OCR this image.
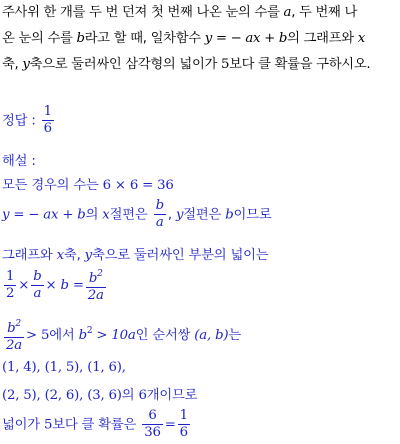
주사위 한 개를 두 번 던져 첫 번째 나온 눈의 수를 a, 두 번째 나
온 눈의 수를 b라고 할 때, 일차함수 y = − ax + b의 그래프와 x
축, y축으로 둘러싸인 삼각형의 넓이가 5보다 클 확률을 구하시오.
정답 : $\frac{1}{6}$
해설 :
모든 경우의 수는 6 × 6 = 36
y = − ax + b의 x절편은 $\frac{b}{a}$ , y절편은 b이므로
그래프와 x축, y축으로 둘러싸인 부분의 넓이는
$\frac{1}{2} \times \frac{b}{a} \times b = \frac{b^2}{2a}$
$\frac{b^2}{2a} > 5$에서 $b^2 > 10a$인 순서쌍 (a, b)는
(1, 4), (1, 5), (1, 6),
(2, 5), (2, 6), (3, 6)의 6개이므로
넓이가 5보다 클 확률은 $\frac{6}{36} = \frac{1}{6}$
